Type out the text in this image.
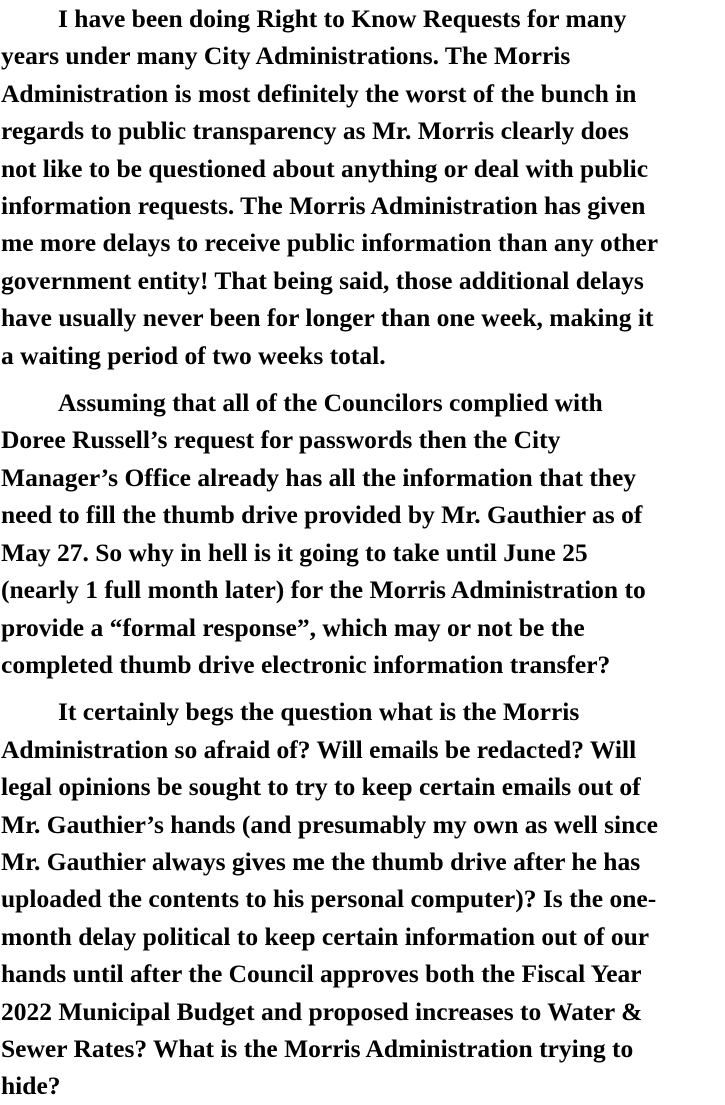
I have been doing Right to Know Requests for many
years under many City Administrations. The Morris
Administration is most definitely the worst of the bunch in
regards to public transparency as Mr. Morris clearly does
not like to be questioned about anything or deal with public
information requests. The Morris Administration has given
me more delays to receive public information than any other
government entity! That being said, those additional delays
have usually never been for longer than one week, making it
a waiting period of two weeks total.
Assuming that all of the Councilors complied with
Doree Russell’s request for passwords then the City
Manager’s Office already has all the information that they
need to fill the thumb drive provided by Mr. Gauthier as of
May 27. So why in hell is it going to take until June 25
(nearly 1 full month later) for the Morris Administration to
provide a “formal response”, which may or not be the
completed thumb drive electronic information transfer?
It certainly begs the question what is the Morris
Administration so afraid of? Will emails be redacted? Will
legal opinions be sought to try to keep certain emails out of
Mr. Gauthier’s hands (and presumably my own as well since
Mr. Gauthier always gives me the thumb drive after he has
uploaded the contents to his personal computer)? Is the one-
month delay political to keep certain information out of our
hands until after the Council approves both the Fiscal Year
2022 Municipal Budget and proposed increases to Water &
Sewer Rates? What is the Morris Administration trying to
hide?
